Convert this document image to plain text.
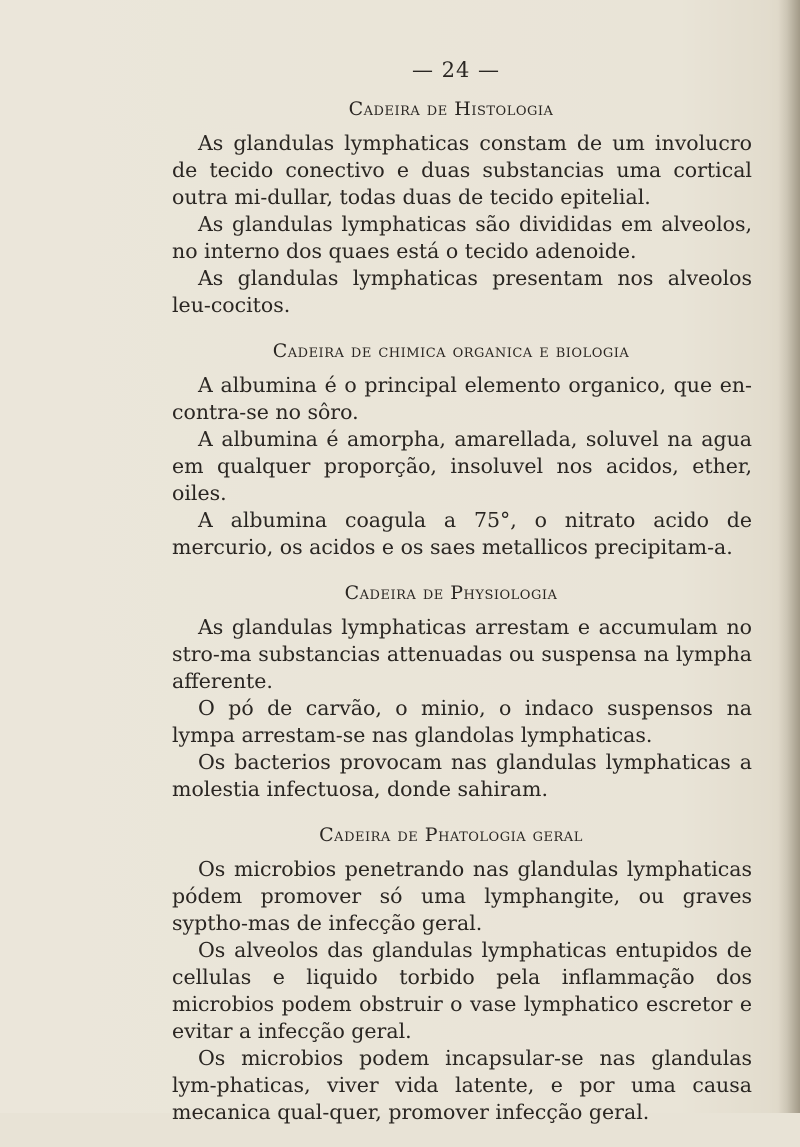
— 24 —
Cadeira de Histologia

As glandulas lymphaticas constam de um involucro de tecido conectivo e duas substancias uma cortical outra mi-dullar, todas duas de tecido epitelial.

As glandulas lymphaticas são divididas em alveolos, no interno dos quaes está o tecido adenoide.

As glandulas lymphaticas presentam nos alveolos leu-cocitos.

Cadeira de chimica organica e biologia

A albumina é o principal elemento organico, que en-contra-se no sôro.

A albumina é amorpha, amarellada, soluvel na agua em qualquer proporção, insoluvel nos acidos, ether, oiles.

A albumina coagula a 75°, o nitrato acido de mercurio, os acidos e os saes metallicos precipitam-a.

Cadeira de Physiologia

As glandulas lymphaticas arrestam e accumulam no stro-ma substancias attenuadas ou suspensa na lympha afferente.

O pó de carvão, o minio, o indaco suspensos na lympa arrestam-se nas glandolas lymphaticas.

Os bacterios provocam nas glandulas lymphaticas a molestia infectuosa, donde sahiram.

Cadeira de Phatologia geral

Os microbios penetrando nas glandulas lymphaticas pódem promover só uma lymphangite, ou graves syptho-mas de infecção geral.

Os alveolos das glandulas lymphaticas entupidos de cellulas e liquido torbido pela inflammação dos microbios podem obstruir o vase lymphatico escretor e evitar a infecção geral.

Os microbios podem incapsular-se nas glandulas lym-phaticas, viver vida latente, e por uma causa mecanica qual-quer, promover infecção geral.
